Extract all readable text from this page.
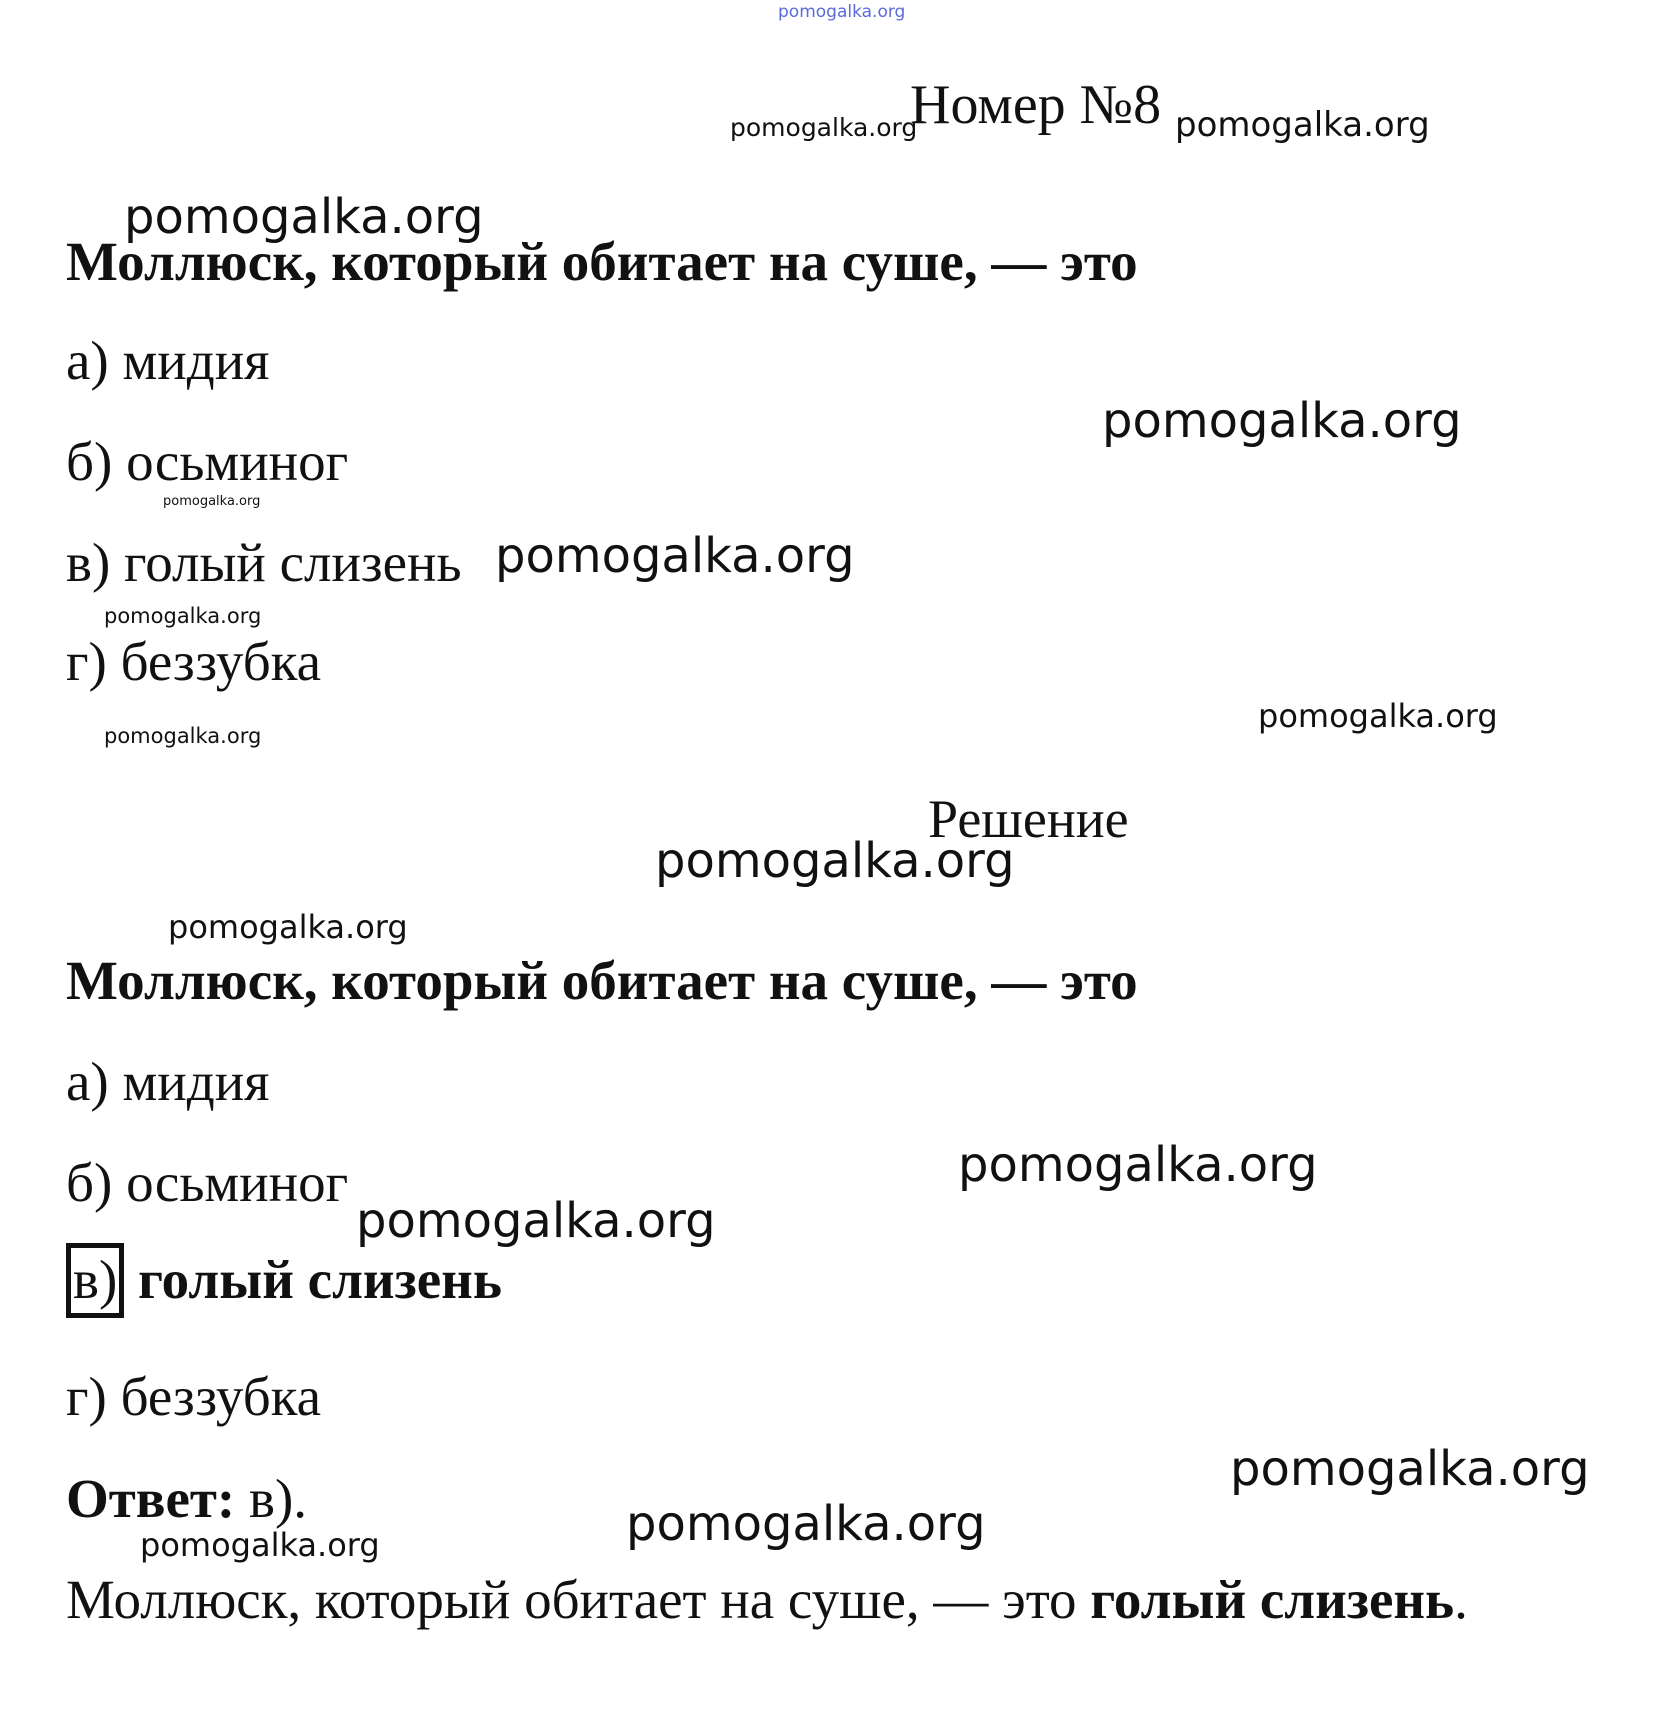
pomogalka.org
pomogalka.org
Номер №8 pomogalka.org
pomogalka.org
Моллюск, который обитает на суше, — это
а) мидия
pomogalka.org
б) осьминог
pomogalka.org
в) голый слизень pomogalka.org
pomogalka.org
г) беззубка
pomogalka.org
pomogalka.org
Решение
pomogalka.org
pomogalka.org
Моллюск, который обитает на суше, — это
а) мидия
pomogalka.org
б) осьминог
pomogalka.org
в) голый слизень
г) беззубка
pomogalka.org
Ответ: в).	pomogalka.org
pomogalka.org
Моллюск, который обитает на суше, — это голый слизень.
